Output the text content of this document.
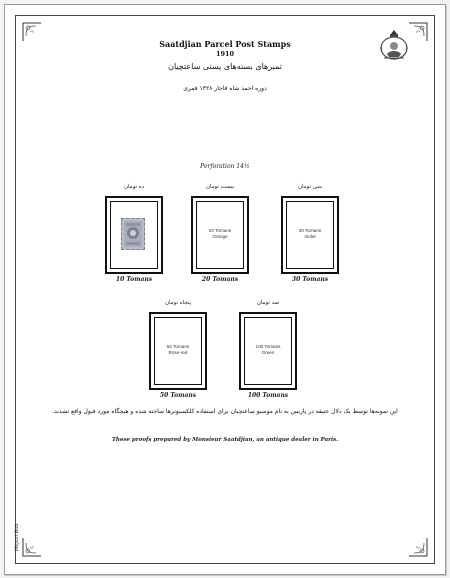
Saatdjian Parcel Post Stamps
1910
تمبرهای بسته‌های پستی ساعتچیان
دوره احمد شاه قاجار ۱۳۲۸ قمری
Perforation 14½
ده تومان
10 Tomans
بیست تومان
20 Tomans
Orange
20 Tomans
سی تومان
30 Tomans
Violet
30 Tomans
پنجاه تومان
50 Tomans
Rose-red
50 Tomans
صد تومان
100 Tomans
Green
100 Tomans
این نمونه‌ها توسط یک دلال عتیقه در پاریس به نام موسیو ساعتچیان برای استفاده کلکسیونرها ساخته شده و هیچگاه مورد قبول واقع نشدند.
These proofs prepared by Monsieur Saatdjian, an antique dealer in Paris.
Hejazi Bab
